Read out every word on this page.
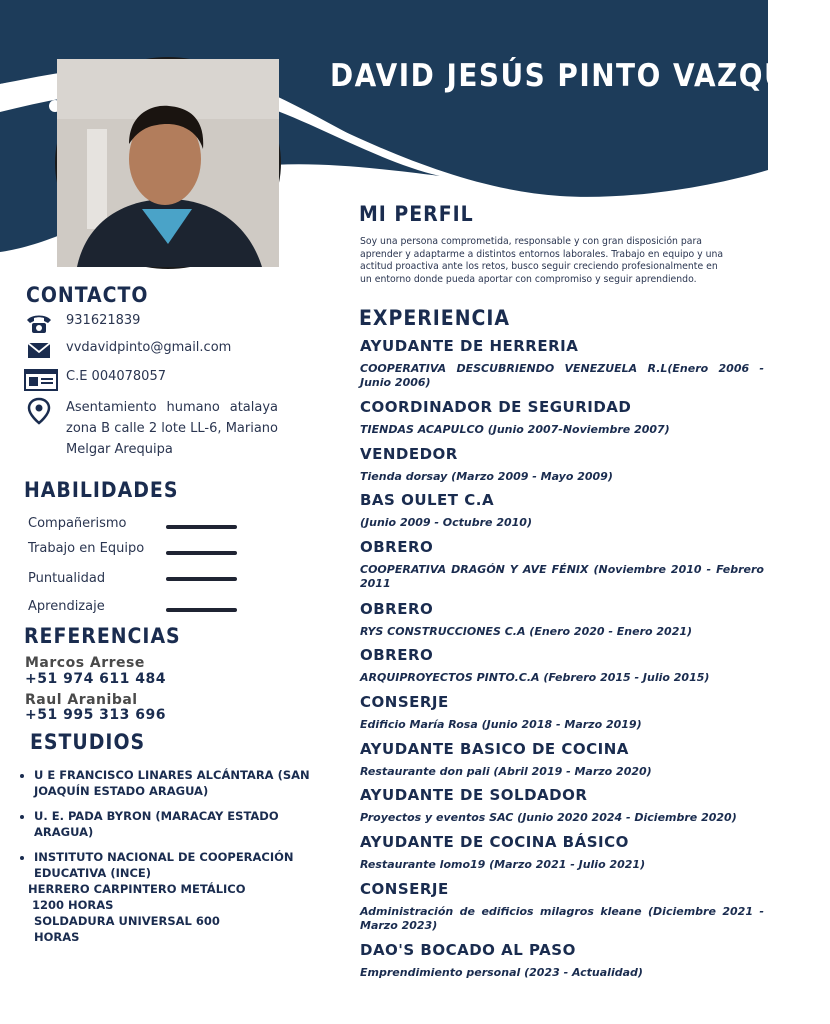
DAVID JESÚS PINTO VAZQUEZ
CONTACTO
931621839
vvdavidpinto@gmail.com
C.E 004078057
Asentamiento humano atalaya zona B calle 2 lote LL-6, Mariano Melgar Arequipa
HABILIDADES
Compañerismo
Trabajo en Equipo
Puntualidad
Aprendizaje
REFERENCIAS
Marcos Arrese
+51 974 611 484
Raul Aranibal
+51 995 313 696
ESTUDIOS
• U E FRANCISCO LINARES ALCÁNTARA (SAN JOAQUÍN ESTADO ARAGUA)
• U. E. PADA BYRON (MARACAY ESTADO ARAGUA)
• INSTITUTO NACIONAL DE COOPERACIÓN EDUCATIVA (INCE)
HERRERO CARPINTERO METÁLICO
1200 HORAS
SOLDADURA UNIVERSAL 600
HORAS
MI PERFIL

Soy una persona comprometida, responsable y con gran disposición para aprender y adaptarme a distintos entornos laborales. Trabajo en equipo y una actitud proactiva ante los retos, busco seguir creciendo profesionalmente en un entorno donde pueda aportar con compromiso y seguir aprendiendo.

EXPERIENCIA
AYUDANTE DE HERRERIA
COOPERATIVA DESCUBRIENDO VENEZUELA R.L(Enero 2006 - Junio 2006)
COORDINADOR DE SEGURIDAD
TIENDAS ACAPULCO (Junio 2007-Noviembre 2007)
VENDEDOR
Tienda dorsay (Marzo 2009 - Mayo 2009)
BAS OULET C.A
(Junio 2009 - Octubre 2010)
OBRERO
COOPERATIVA DRAGÓN Y AVE FÉNIX (Noviembre 2010 - Febrero 2011
OBRERO
RYS CONSTRUCCIONES C.A (Enero 2020 - Enero 2021)
OBRERO
ARQUIPROYECTOS PINTO.C.A (Febrero 2015 - Julio 2015)
CONSERJE
Edificio María Rosa (Junio 2018 - Marzo 2019)
AYUDANTE BASICO DE COCINA
Restaurante don pali (Abril 2019 - Marzo 2020)
AYUDANTE DE SOLDADOR
Proyectos y eventos SAC (Junio 2020 2024 - Diciembre 2020)
AYUDANTE DE COCINA BÁSICO
Restaurante lomo19 (Marzo 2021 - Julio 2021)
CONSERJE
Administración de edificios milagros kleane (Diciembre 2021 - Marzo 2023)
DAO'S BOCADO AL PASO
Emprendimiento personal (2023 - Actualidad)
